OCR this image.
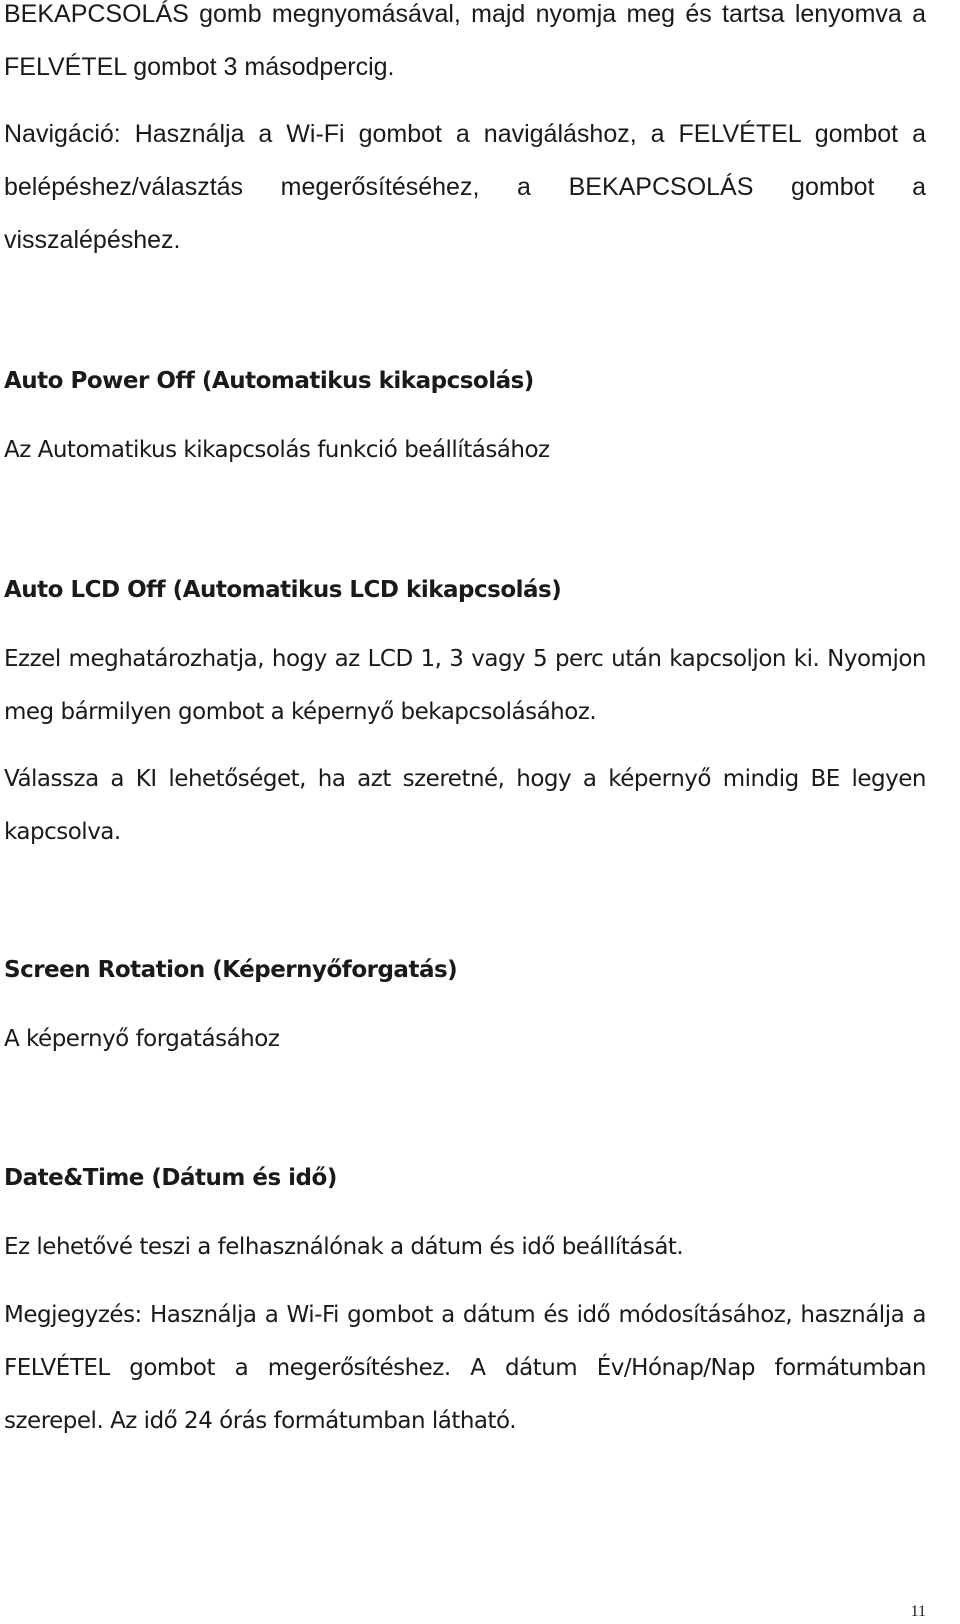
BEKAPCSOLÁS gomb megnyomásával, majd nyomja meg és tartsa lenyomva a FELVÉTEL gombot 3 másodpercig.

Navigáció: Használja a Wi-Fi gombot a navigáláshoz, a FELVÉTEL gombot a belépéshez/választás megerősítéséhez, a BEKAPCSOLÁS gombot a visszalépéshez.

Auto Power Off (Automatikus kikapcsolás)

Az Automatikus kikapcsolás funkció beállításához

Auto LCD Off (Automatikus LCD kikapcsolás)

Ezzel meghatározhatja, hogy az LCD 1, 3 vagy 5 perc után kapcsoljon ki. Nyomjon meg bármilyen gombot a képernyő bekapcsolásához.

Válassza a KI lehetőséget, ha azt szeretné, hogy a képernyő mindig BE legyen kapcsolva.

Screen Rotation (Képernyőforgatás)

A képernyő forgatásához

Date&Time (Dátum és idő)

Ez lehetővé teszi a felhasználónak a dátum és idő beállítását.

Megjegyzés: Használja a Wi-Fi gombot a dátum és idő módosításához, használja a FELVÉTEL gombot a megerősítéshez. A dátum Év/Hónap/Nap formátumban szerepel. Az idő 24 órás formátumban látható.

11
